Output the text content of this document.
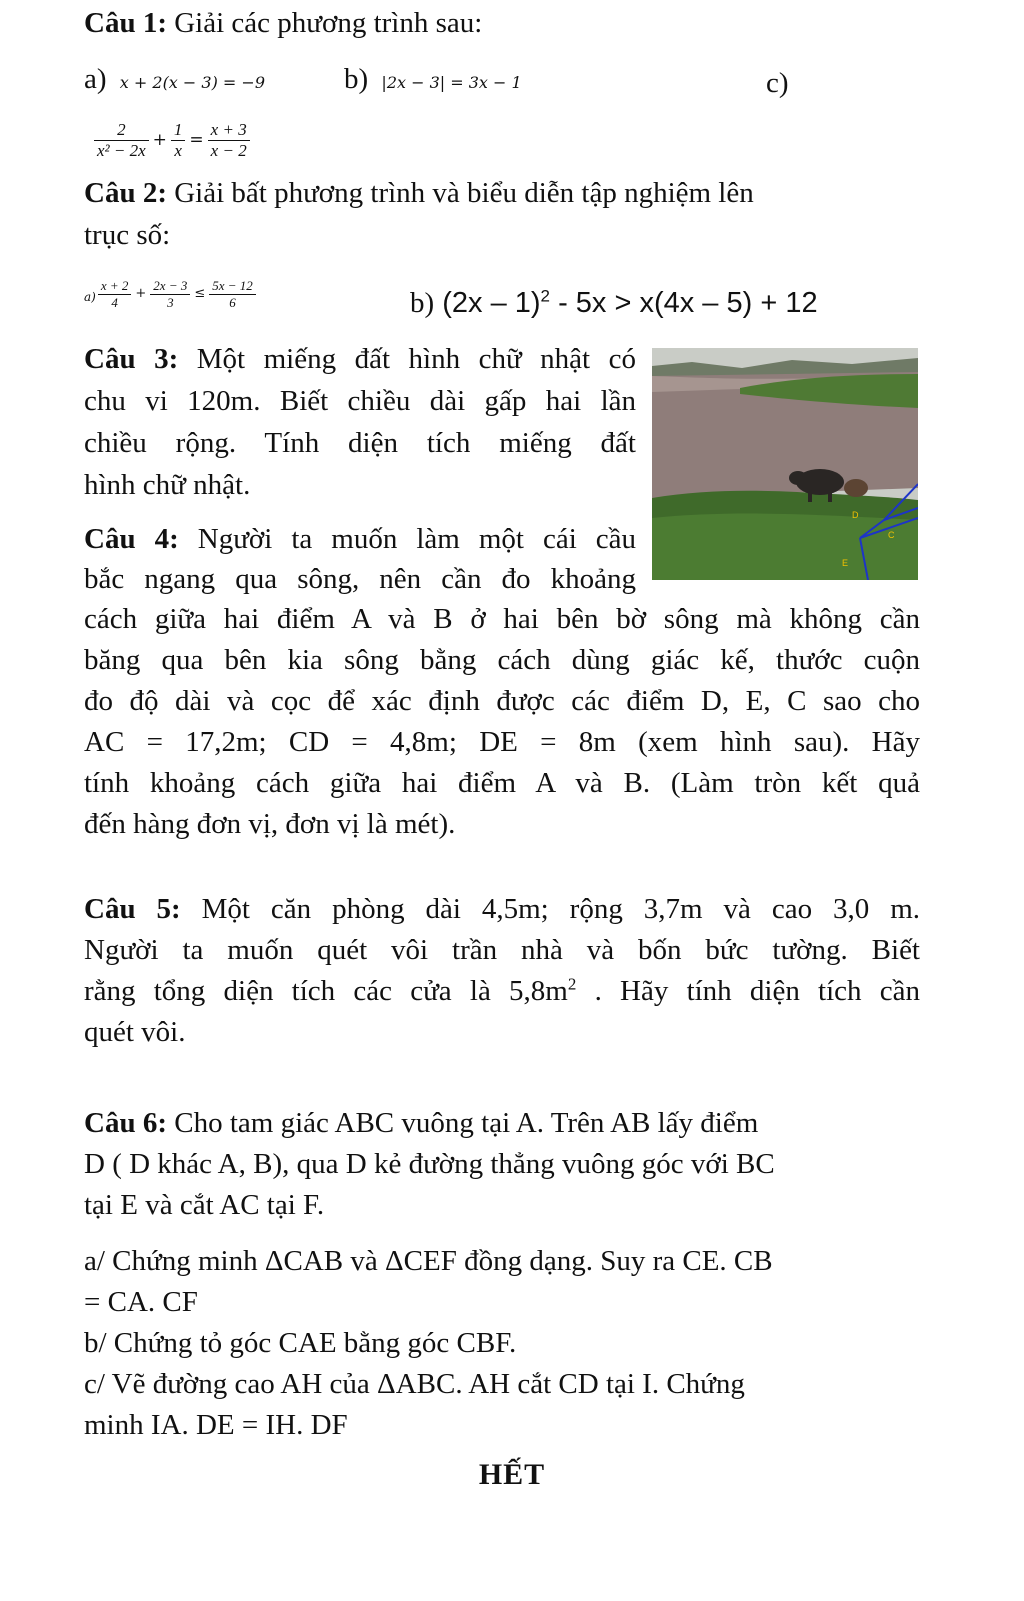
Câu 1: Giải các phương trình sau:
a) x + 2(x − 3) = −9	b) |2x − 3| = 3x − 1	c)
$\frac{2}{\text{x² − 2x}} + \frac{1}{x} = \frac{x + 3}{x - 2}$
Câu 2: Giải bất phương trình và biểu diễn tập nghiệm lên
trục số:
$a) \frac{x + 2}{4} + \frac{2x - 3}{3} \le \frac{5x - 12}{6}$	b) (2x – 1)$^2$ - 5x > x(4x – 5) + 12
Câu 3: Một miếng đất hình chữ nhật có
chu vi 120m. Biết chiều dài gấp hai lần
chiều rộng. Tính diện tích miếng đất
hình chữ nhật.
Câu 4: Người ta muốn làm một cái cầu
bắc ngang qua sông, nên cần đo khoảng
D
C
E
cách giữa hai điểm A và B ở hai bên bờ sông mà không cần
băng qua bên kia sông bằng cách dùng giác kế, thước cuộn
đo độ dài và cọc để xác định được các điểm D, E, C sao cho
AC = 17,2m; CD = 4,8m; DE = 8m (xem hình sau). Hãy
tính khoảng cách giữa hai điểm A và B. (Làm tròn kết quả
đến hàng đơn vị, đơn vị là mét).
Câu 5: Một căn phòng dài 4,5m; rộng 3,7m và cao 3,0 m.
Người ta muốn quét vôi trần nhà và bốn bức tường. Biết
rằng tổng diện tích các cửa là $5,8m^2$ . Hãy tính diện tích cần
quét vôi.
Câu 6: Cho tam giác ABC vuông tại A. Trên AB lấy điểm
D ( D khác A, B), qua D kẻ đường thẳng vuông góc với BC
tại E và cắt AC tại F.
a/ Chứng minh ΔCAB và ΔCEF đồng dạng. Suy ra CE. CB
= CA. CF
b/ Chứng tỏ góc CAE bằng góc CBF.
c/ Vẽ đường cao AH của ΔABC. AH cắt CD tại I. Chứng
minh IA. DE = IH. DF
HẾT
